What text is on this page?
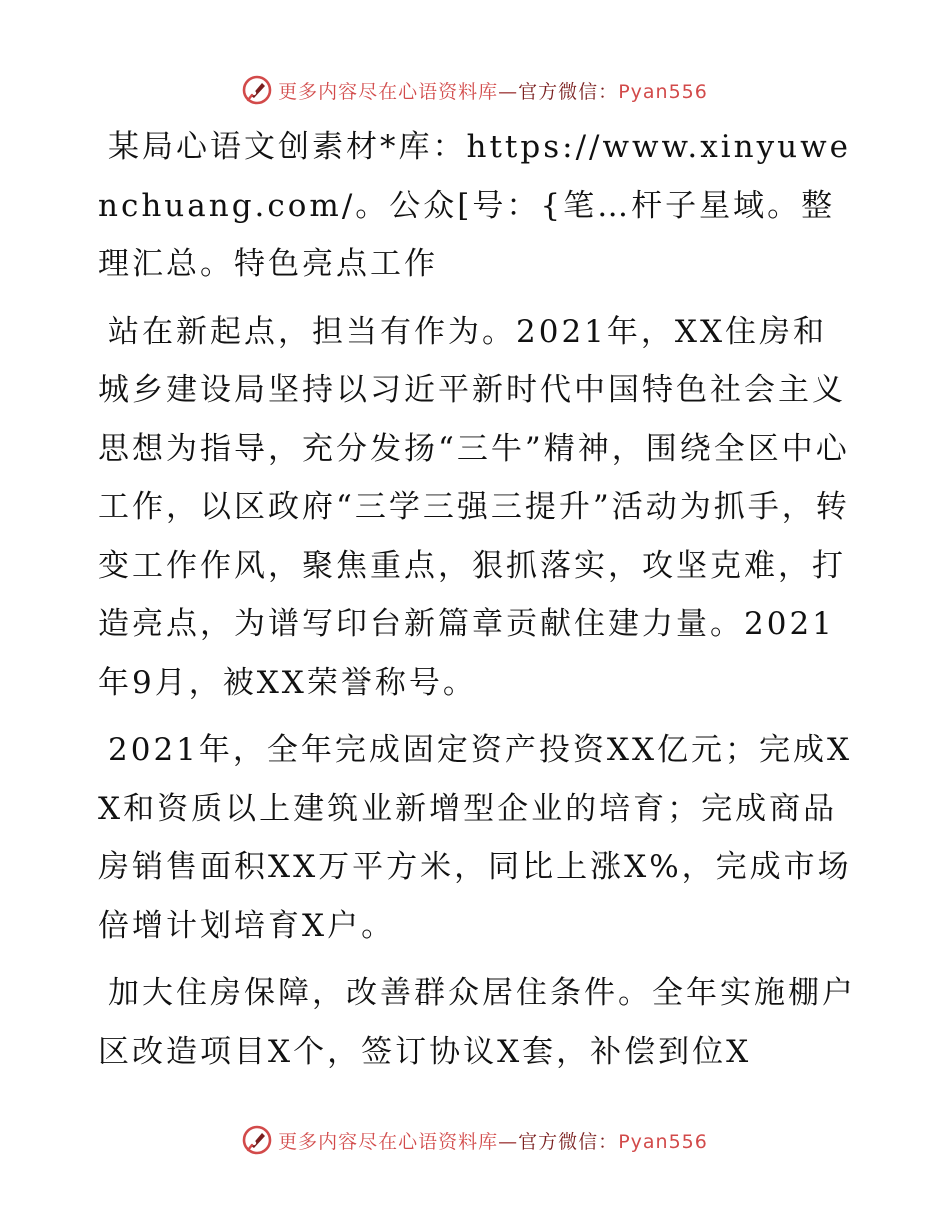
更多内容尽在心语资料库—官方微信：Pyan556

某局心语文创素材*库：https://www.xinyuwenchuang.com/。公众[号：{笔…杆子星域。整理汇总。特色亮点工作

站在新起点，担当有作为。2021年，XX住房和城乡建设局坚持以习近平新时代中国特色社会主义思想为指导，充分发扬“三牛”精神，围绕全区中心工作，以区政府“三学三强三提升”活动为抓手，转变工作作风，聚焦重点，狠抓落实，攻坚克难，打造亮点，为谱写印台新篇章贡献住建力量。2021年9月，被XX荣誉称号。

2021年，全年完成固定资产投资XX亿元；完成XX和资质以上建筑业新增型企业的培育；完成商品房销售面积XX万平方米，同比上涨X%，完成市场倍增计划培育X户。

加大住房保障，改善群众居住条件。全年实施棚户区改造项目X个，签订协议X套，补偿到位X

更多内容尽在心语资料库—官方微信：Pyan556
